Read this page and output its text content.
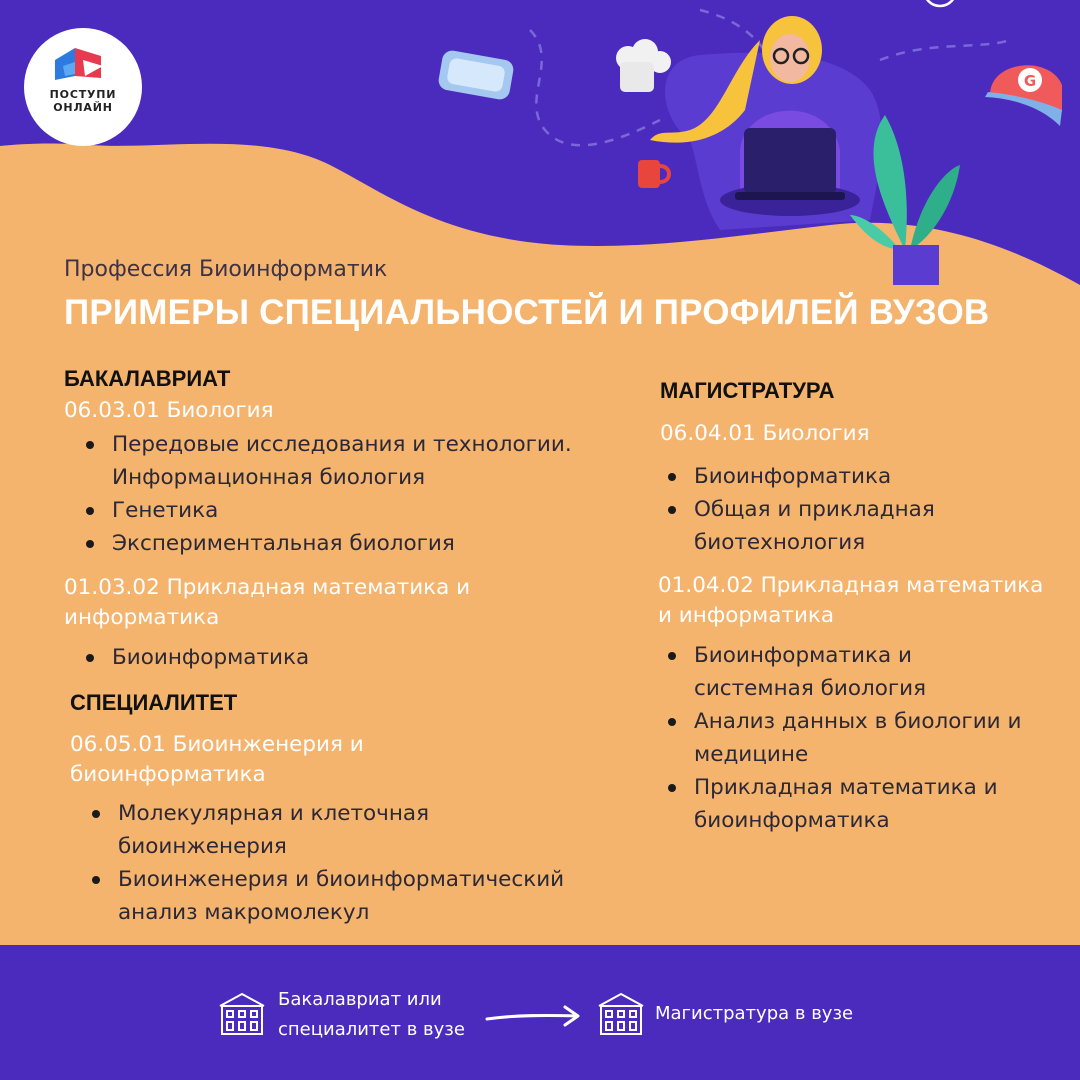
G
ПОСТУПИ
ОНЛАЙН
Профессия Биоинформатик
ПРИМЕРЫ СПЕЦИАЛЬНОСТЕЙ И ПРОФИЛЕЙ ВУЗОВ
БАКАЛАВРИАТ
06.03.01 Биология
Передовые исследования и технологии. Информационная биология
Генетика
Экспериментальная биология
01.03.02 Прикладная математика и информатика
Биоинформатика
СПЕЦИАЛИТЕТ
06.05.01 Биоинженерия и биоинформатика
Молекулярная и клеточная биоинженерия
Биоинженерия и биоинформатический анализ макромолекул
МАГИСТРАТУРА
06.04.01 Биология
Биоинформатика
Общая и прикладная биотехнология
01.04.02 Прикладная математика и информатика
Биоинформатика и системная биология
Анализ данных в биологии и медицине
Прикладная математика и биоинформатика
Бакалавриат или
специалитет в вузе
Магистратура в вузе
